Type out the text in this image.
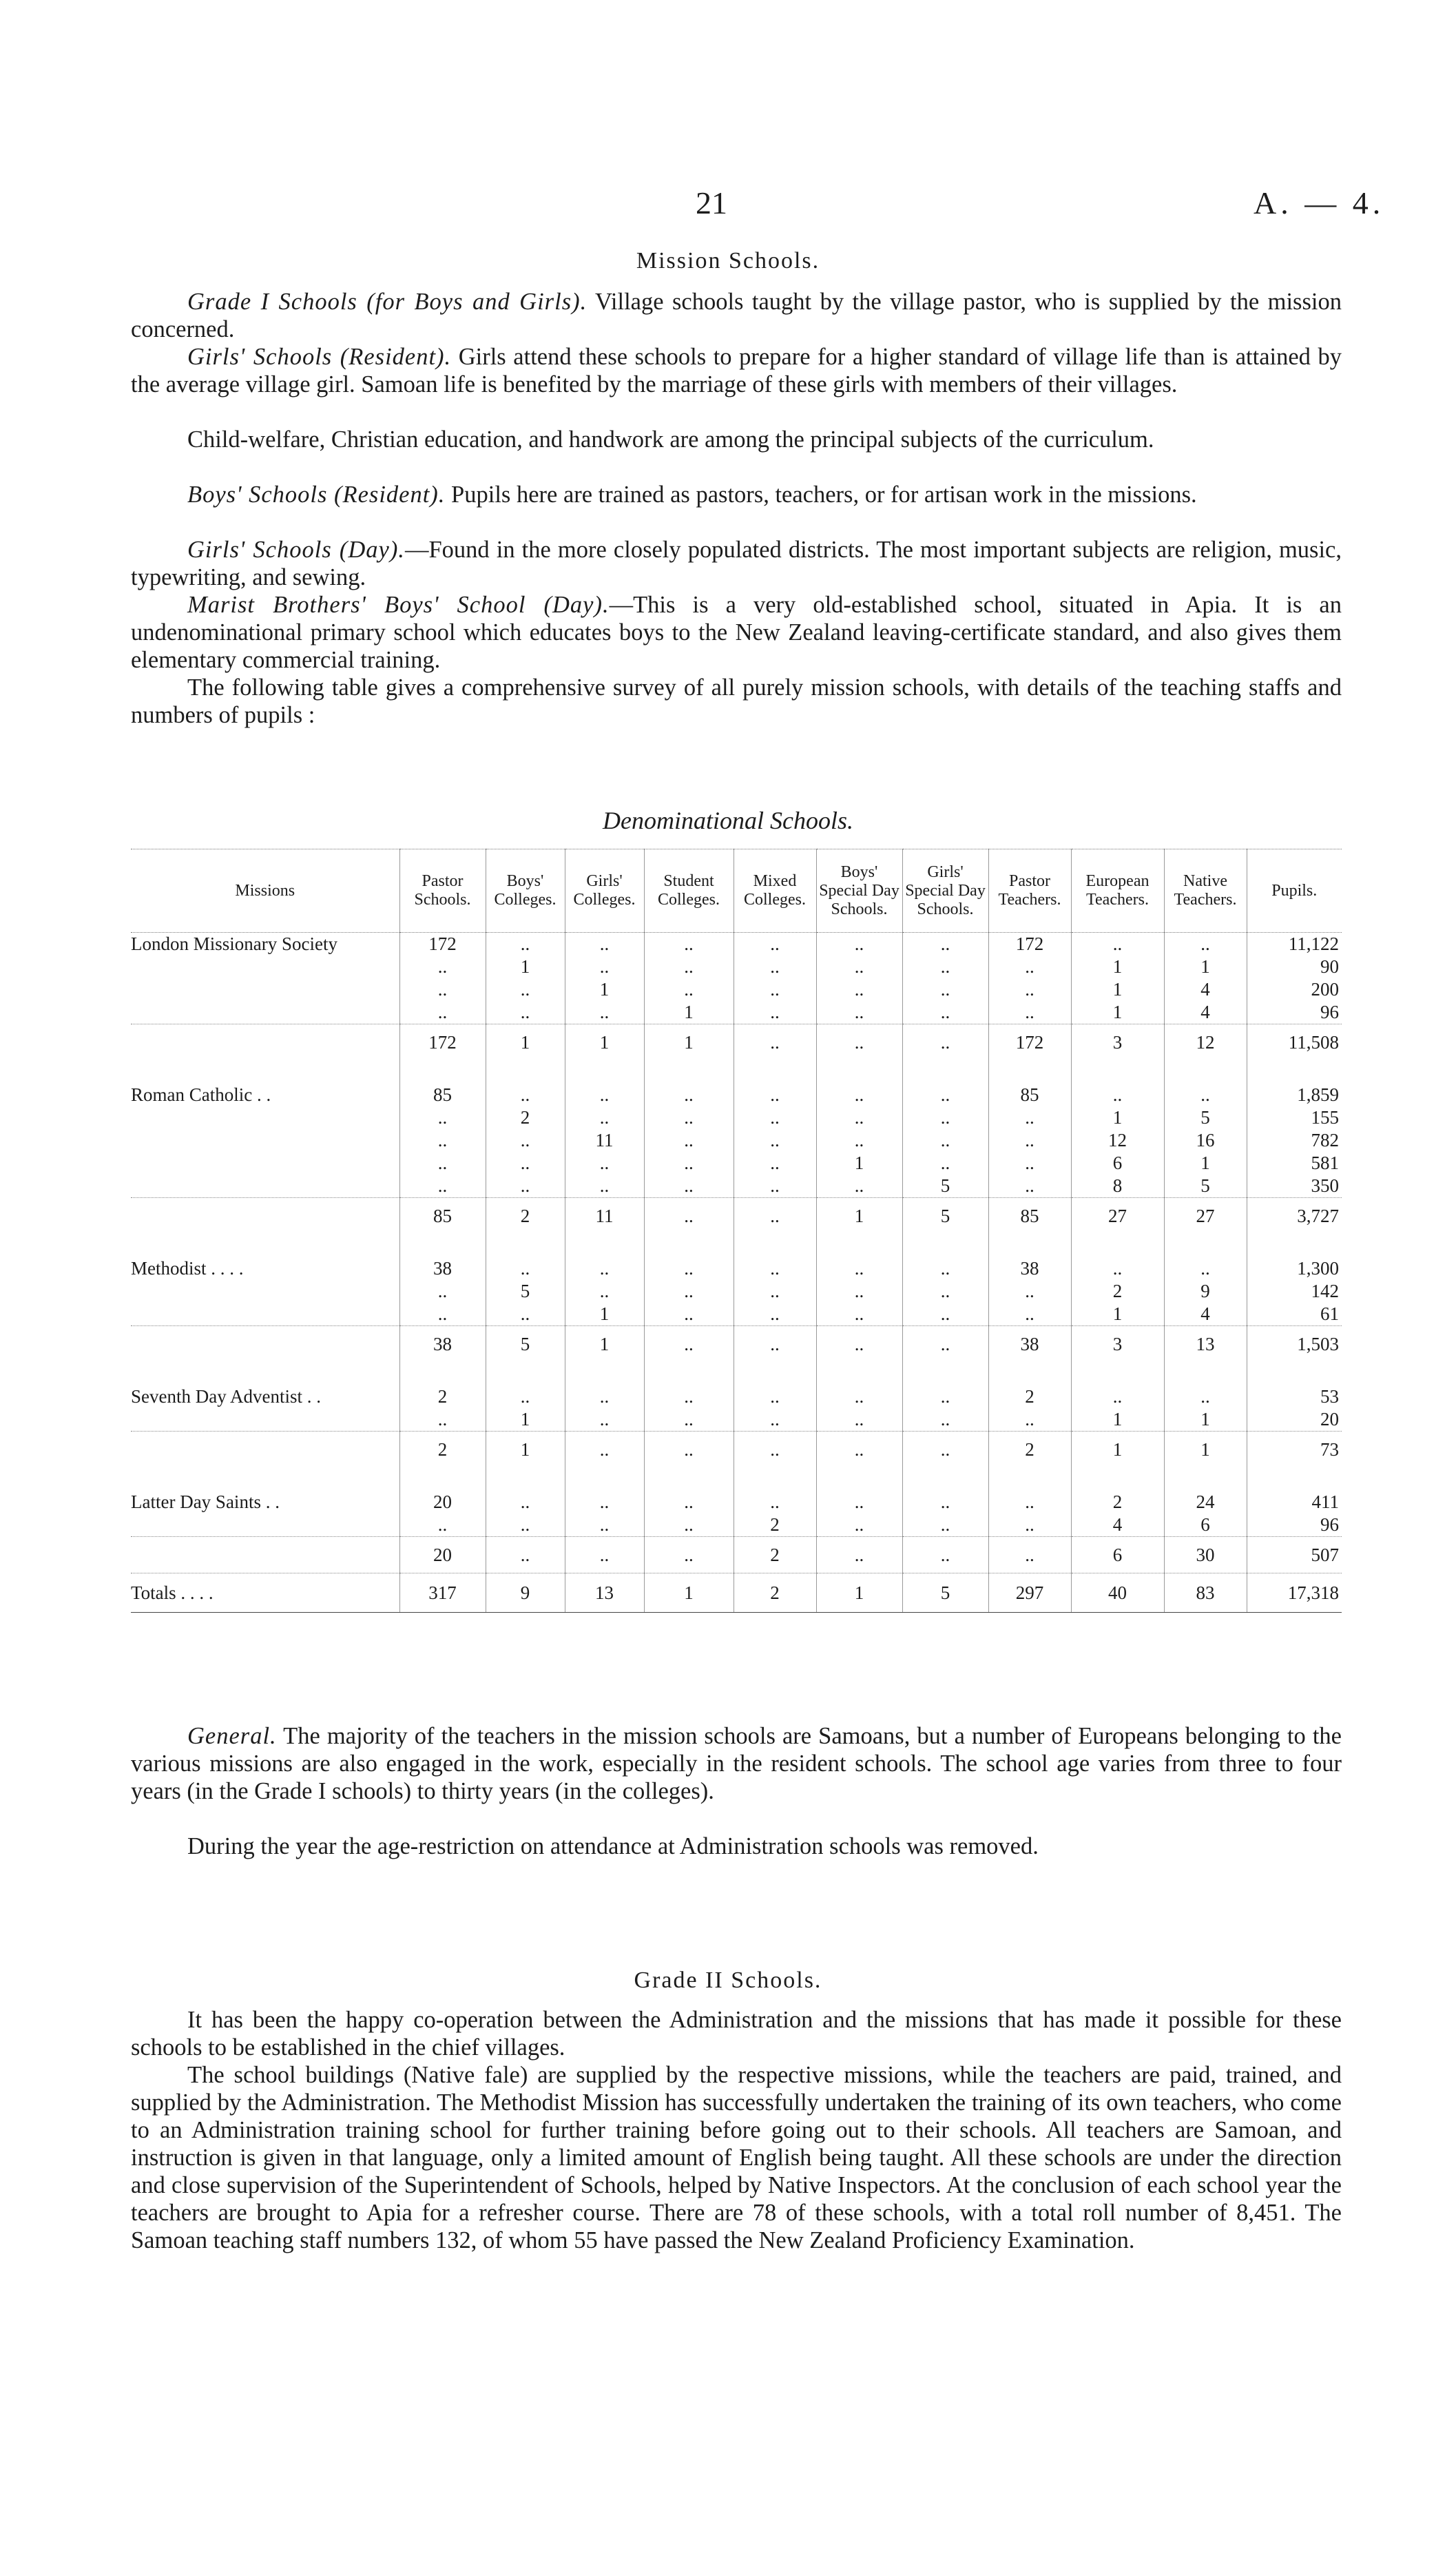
21	A. — 4.
Mission Schools.
Grade I Schools (for Boys and Girls). Village schools taught by the village pastor, who is supplied by the mission concerned.
Girls' Schools (Resident). Girls attend these schools to prepare for a higher standard of village life than is attained by the average village girl. Samoan life is benefited by the marriage of these girls with members of their villages.
Child-welfare, Christian education, and handwork are among the principal subjects of the curriculum.
Boys' Schools (Resident). Pupils here are trained as pastors, teachers, or for artisan work in the missions.
Girls' Schools (Day).—Found in the more closely populated districts. The most important subjects are religion, music, typewriting, and sewing.
Marist Brothers' Boys' School (Day).—This is a very old-established school, situated in Apia. It is an undenominational primary school which educates boys to the New Zealand leaving-certificate standard, and also gives them elementary commercial training.
The following table gives a comprehensive survey of all purely mission schools, with details of the teaching staffs and numbers of pupils :
Denominational Schools.
Missions	Pastor Schools.	Boys' Colleges.	Girls' Colleges.	Student Colleges.	Mixed Colleges.	Boys' Special Day Schools.	Girls' Special Day Schools.	Pastor Teachers.	European Teachers.	Native Teachers.	Pupils.
London Missionary Society	172	..	..	..	..	..	..	172	..	..	11,122
	..	1	..	..	..	..	..	..	1	1	90
	..	..	1	..	..	..	..	..	1	4	200
	..	..	..	1	..	..	..	..	1	4	96
	172	1	1	1	..	..	..	172	3	12	11,508

Roman Catholic . .	85	..	..	..	..	..	..	85	..	..	1,859
	..	2	..	..	..	..	..	..	1	5	155
	..	..	11	..	..	..	..	..	12	16	782
	..	..	..	..	..	1	..	..	6	1	581
	..	..	..	..	..	..	5	..	8	5	350
	85	2	11	..	..	1	5	85	27	27	3,727

Methodist . . . .	38	..	..	..	..	..	..	38	..	..	1,300
	..	5	..	..	..	..	..	..	2	9	142
	..	..	1	..	..	..	..	..	1	4	61
	38	5	1	..	..	..	..	38	3	13	1,503

Seventh Day Adventist . .	2	..	..	..	..	..	..	2	..	..	53
	..	1	..	..	..	..	..	..	1	1	20
	2	1	..	..	..	..	..	2	1	1	73

Latter Day Saints . .	20	..	..	..	..	..	..	..	2	24	411
	..	..	..	..	2	..	..	..	4	6	96
	20	..	..	..	2	..	..	..	6	30	507
Totals . . . .	317	9	13	1	2	1	5	297	40	83	17,318
General. The majority of the teachers in the mission schools are Samoans, but a number of Europeans belonging to the various missions are also engaged in the work, especially in the resident schools. The school age varies from three to four years (in the Grade I schools) to thirty years (in the colleges).
During the year the age-restriction on attendance at Administration schools was removed.
Grade II Schools.
It has been the happy co-operation between the Administration and the missions that has made it possible for these schools to be established in the chief villages.
The school buildings (Native fale) are supplied by the respective missions, while the teachers are paid, trained, and supplied by the Administration. The Methodist Mission has successfully undertaken the training of its own teachers, who come to an Administration training school for further training before going out to their schools. All teachers are Samoan, and instruction is given in that language, only a limited amount of English being taught. All these schools are under the direction and close supervision of the Superintendent of Schools, helped by Native Inspectors. At the conclusion of each school year the teachers are brought to Apia for a refresher course. There are 78 of these schools, with a total roll number of 8,451. The Samoan teaching staff numbers 132, of whom 55 have passed the New Zealand Proficiency Examination.
